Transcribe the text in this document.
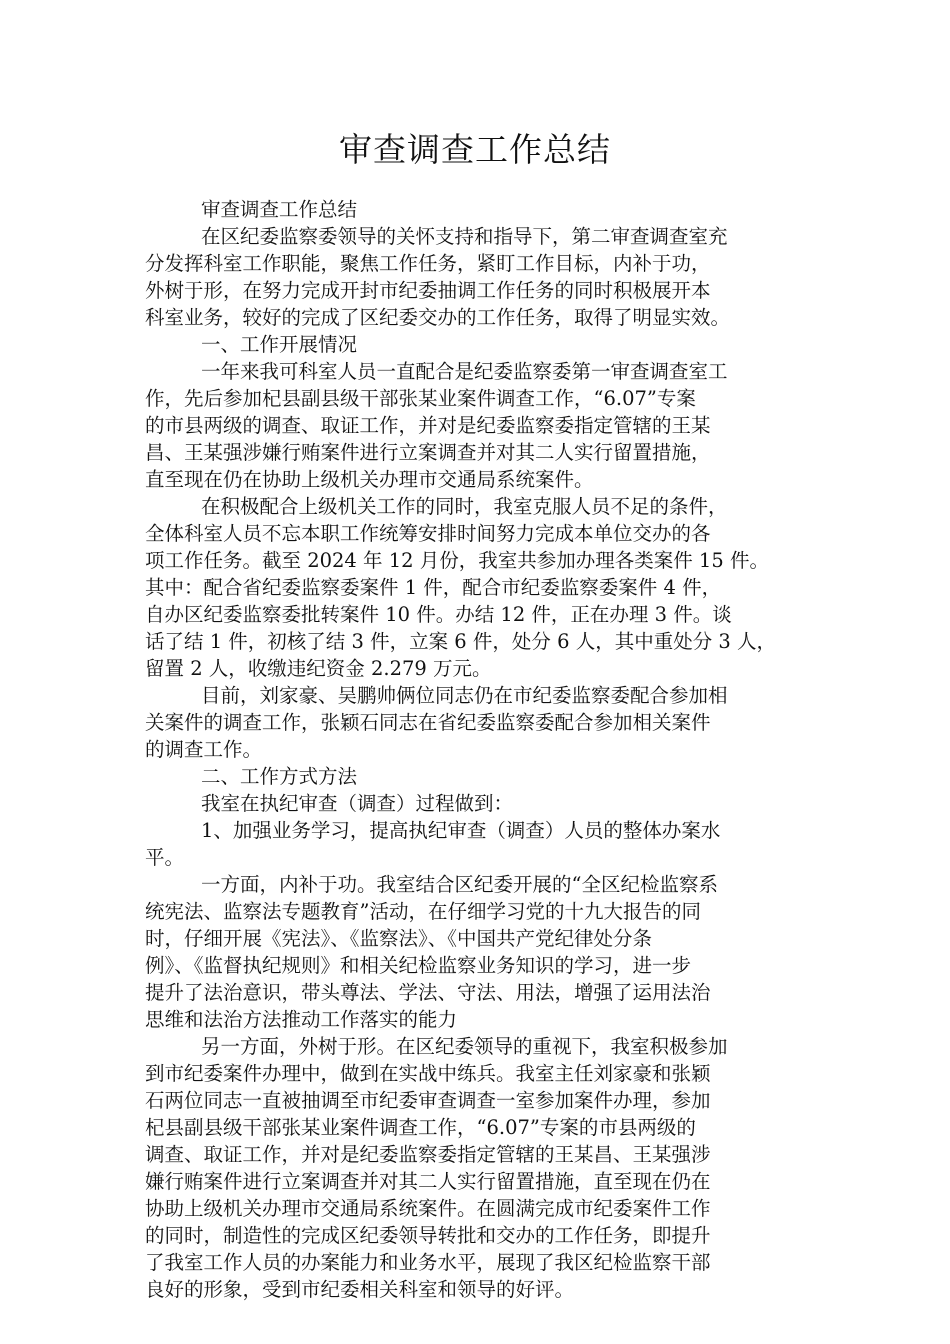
审查调查工作总结
审查调查工作总结
在区纪委监察委领导的关怀支持和指导下，第二审查调查室充
分发挥科室工作职能，聚焦工作任务，紧盯工作目标，内补于功，
外树于形，在努力完成开封市纪委抽调工作任务的同时积极展开本
科室业务，较好的完成了区纪委交办的工作任务，取得了明显实效。
一、工作开展情况
一年来我可科室人员一直配合是纪委监察委第一审查调查室工
作，先后参加杞县副县级干部张某业案件调查工作，“6.07”专案
的市县两级的调查、取证工作，并对是纪委监察委指定管辖的王某
昌、王某强涉嫌行贿案件进行立案调查并对其二人实行留置措施，
直至现在仍在协助上级机关办理市交通局系统案件。
在积极配合上级机关工作的同时，我室克服人员不足的条件，
全体科室人员不忘本职工作统筹安排时间努力完成本单位交办的各
项工作任务。截至 2024 年 12 月份，我室共参加办理各类案件 15 件。
其中：配合省纪委监察委案件 1 件，配合市纪委监察委案件 4 件，
自办区纪委监察委批转案件 10 件。办结 12 件，正在办理 3 件。谈
话了结 1 件，初核了结 3 件，立案 6 件，处分 6 人，其中重处分 3 人，
留置 2 人，收缴违纪资金 2.279 万元。
目前，刘家豪、吴鹏帅俩位同志仍在市纪委监察委配合参加相
关案件的调查工作，张颖石同志在省纪委监察委配合参加相关案件
的调查工作。
二、工作方式方法
我室在执纪审查（调查）过程做到：
1、加强业务学习，提高执纪审查（调查）人员的整体办案水
平。
一方面，内补于功。我室结合区纪委开展的“全区纪检监察系
统宪法、监察法专题教育”活动，在仔细学习党的十九大报告的同
时，仔细开展《宪法》、《监察法》、《中国共产党纪律处分条
例》、《监督执纪规则》和相关纪检监察业务知识的学习，进一步
提升了法治意识，带头尊法、学法、守法、用法，增强了运用法治
思维和法治方法推动工作落实的能力
另一方面，外树于形。在区纪委领导的重视下，我室积极参加
到市纪委案件办理中，做到在实战中练兵。我室主任刘家豪和张颖
石两位同志一直被抽调至市纪委审查调查一室参加案件办理，参加
杞县副县级干部张某业案件调查工作，“6.07”专案的市县两级的
调查、取证工作，并对是纪委监察委指定管辖的王某昌、王某强涉
嫌行贿案件进行立案调查并对其二人实行留置措施，直至现在仍在
协助上级机关办理市交通局系统案件。在圆满完成市纪委案件工作
的同时，制造性的完成区纪委领导转批和交办的工作任务，即提升
了我室工作人员的办案能力和业务水平，展现了我区纪检监察干部
良好的形象，受到市纪委相关科室和领导的好评。
